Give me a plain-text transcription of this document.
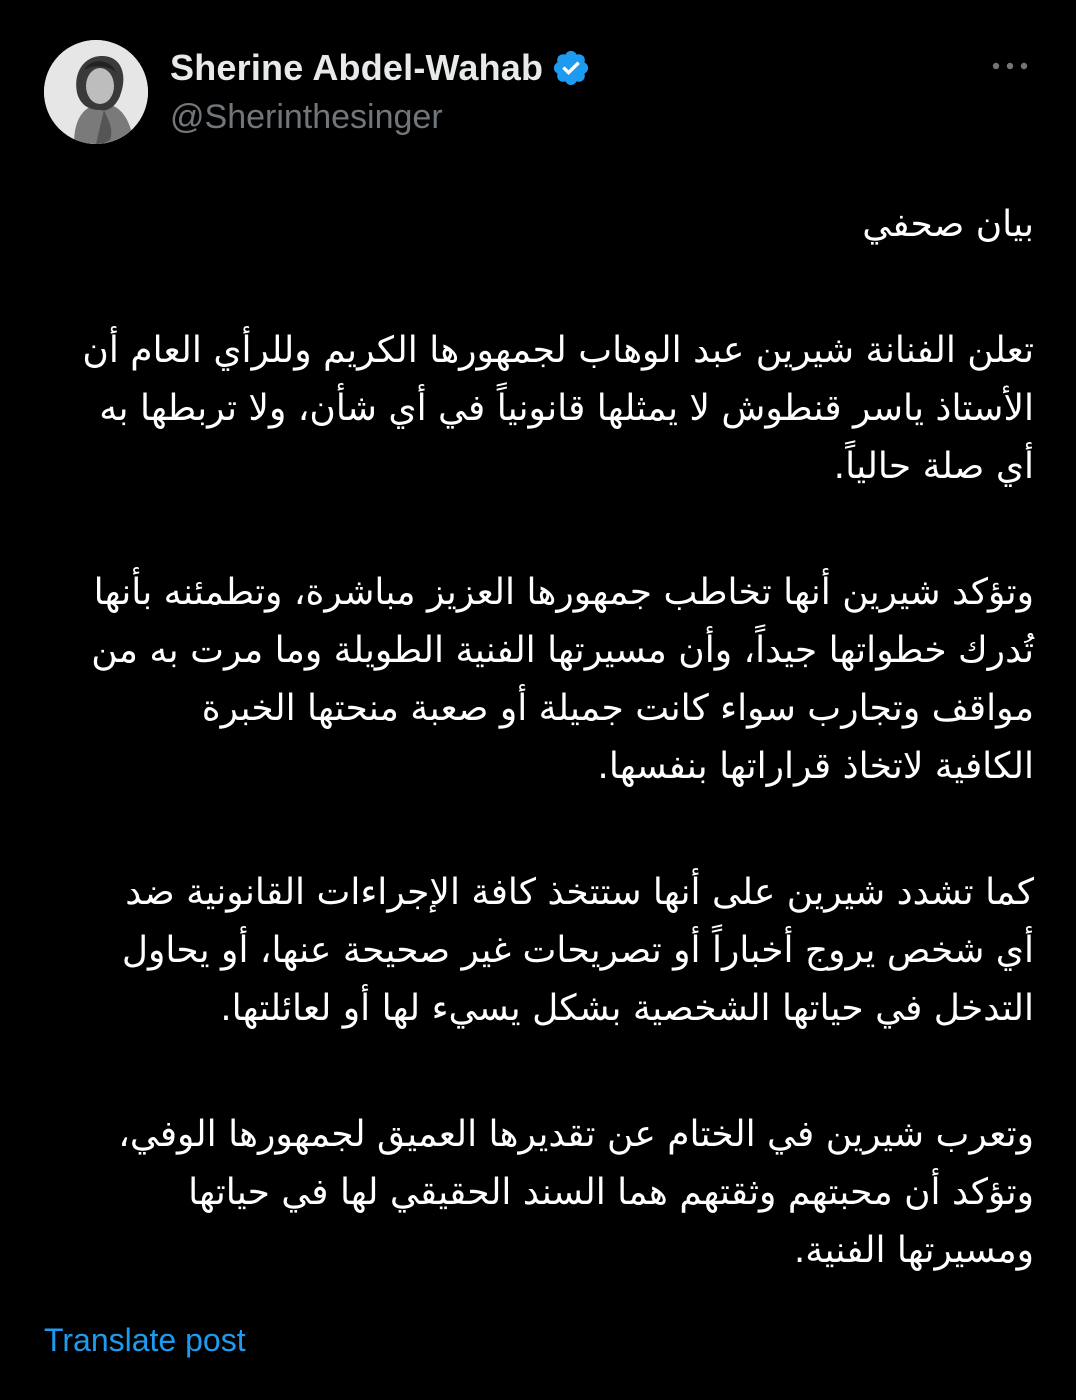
Sherine Abdel-Wahab
@Sherinthesinger

بيان صحفي

تعلن الفنانة شيرين عبد الوهاب لجمهورها الكريم وللرأي العام أن
الأستاذ ياسر قنطوش لا يمثلها قانونياً في أي شأن، ولا تربطها به
أي صلة حالياً.

وتؤكد شيرين أنها تخاطب جمهورها العزيز مباشرة، وتطمئنه بأنها
تُدرك خطواتها جيداً، وأن مسيرتها الفنية الطويلة وما مرت به من
مواقف وتجارب سواء كانت جميلة أو صعبة منحتها الخبرة
الكافية لاتخاذ قراراتها بنفسها.

كما تشدد شيرين على أنها ستتخذ كافة الإجراءات القانونية ضد
أي شخص يروج أخباراً أو تصريحات غير صحيحة عنها، أو يحاول
التدخل في حياتها الشخصية بشكل يسيء لها أو لعائلتها.

وتعرب شيرين في الختام عن تقديرها العميق لجمهورها الوفي،
وتؤكد أن محبتهم وثقتهم هما السند الحقيقي لها في حياتها
ومسيرتها الفنية.

Translate post
